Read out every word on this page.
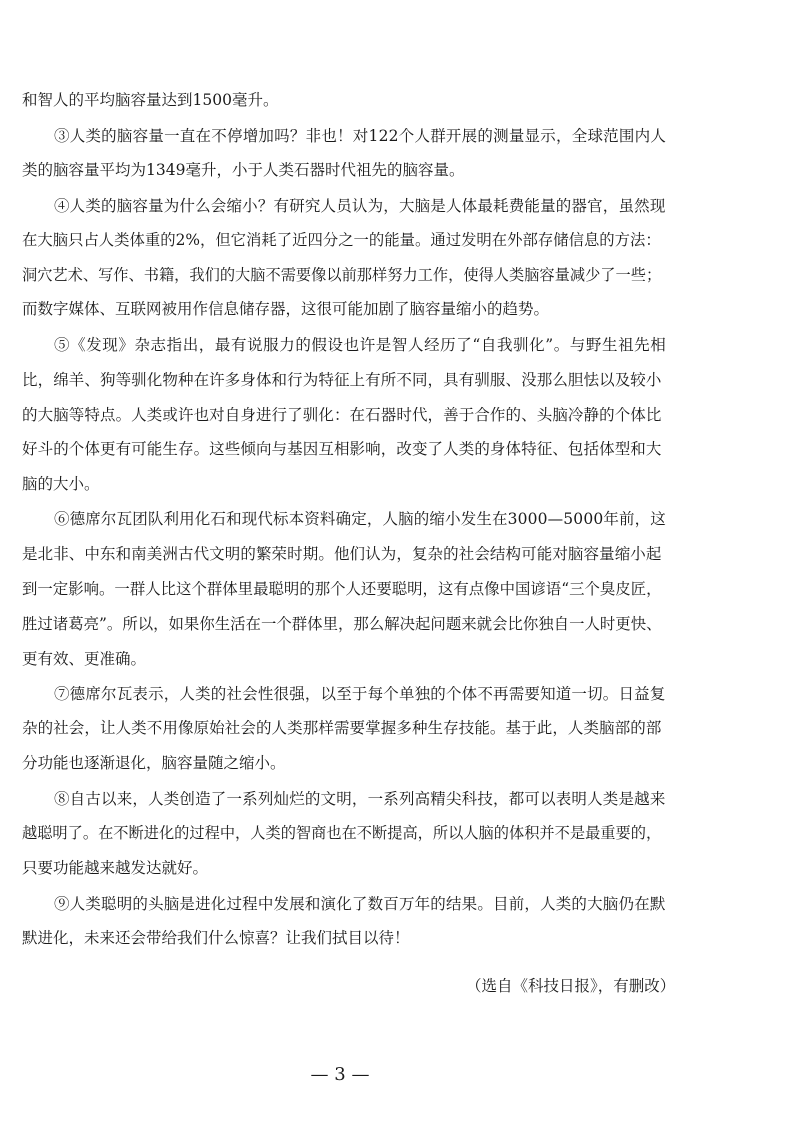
和智人的平均脑容量达到1500毫升。
③人类的脑容量一直在不停增加吗？非也！对122个人群开展的测量显示，全球范围内人
类的脑容量平均为1349毫升，小于人类石器时代祖先的脑容量。
④人类的脑容量为什么会缩小？有研究人员认为，大脑是人体最耗费能量的器官，虽然现
在大脑只占人类体重的2%，但它消耗了近四分之一的能量。通过发明在外部存储信息的方法：
洞穴艺术、写作、书籍，我们的大脑不需要像以前那样努力工作，使得人类脑容量减少了一些；
而数字媒体、互联网被用作信息储存器，这很可能加剧了脑容量缩小的趋势。
⑤《发现》杂志指出，最有说服力的假设也许是智人经历了“自我驯化”。与野生祖先相
比，绵羊、狗等驯化物种在许多身体和行为特征上有所不同，具有驯服、没那么胆怯以及较小
的大脑等特点。人类或许也对自身进行了驯化：在石器时代，善于合作的、头脑冷静的个体比
好斗的个体更有可能生存。这些倾向与基因互相影响，改变了人类的身体特征、包括体型和大
脑的大小。
⑥德席尔瓦团队利用化石和现代标本资料确定，人脑的缩小发生在3000—5000年前，这
是北非、中东和南美洲古代文明的繁荣时期。他们认为，复杂的社会结构可能对脑容量缩小起
到一定影响。一群人比这个群体里最聪明的那个人还要聪明，这有点像中国谚语“三个臭皮匠，
胜过诸葛亮”。所以，如果你生活在一个群体里，那么解决起问题来就会比你独自一人时更快、
更有效、更准确。
⑦德席尔瓦表示，人类的社会性很强，以至于每个单独的个体不再需要知道一切。日益复
杂的社会，让人类不用像原始社会的人类那样需要掌握多种生存技能。基于此，人类脑部的部
分功能也逐渐退化，脑容量随之缩小。
⑧自古以来，人类创造了一系列灿烂的文明，一系列高精尖科技，都可以表明人类是越来
越聪明了。在不断进化的过程中，人类的智商也在不断提高，所以人脑的体积并不是最重要的，
只要功能越来越发达就好。
⑨人类聪明的头脑是进化过程中发展和演化了数百万年的结果。目前，人类的大脑仍在默
默进化，未来还会带给我们什么惊喜？让我们拭目以待！
（选自《科技日报》，有删改）
— 3 —
